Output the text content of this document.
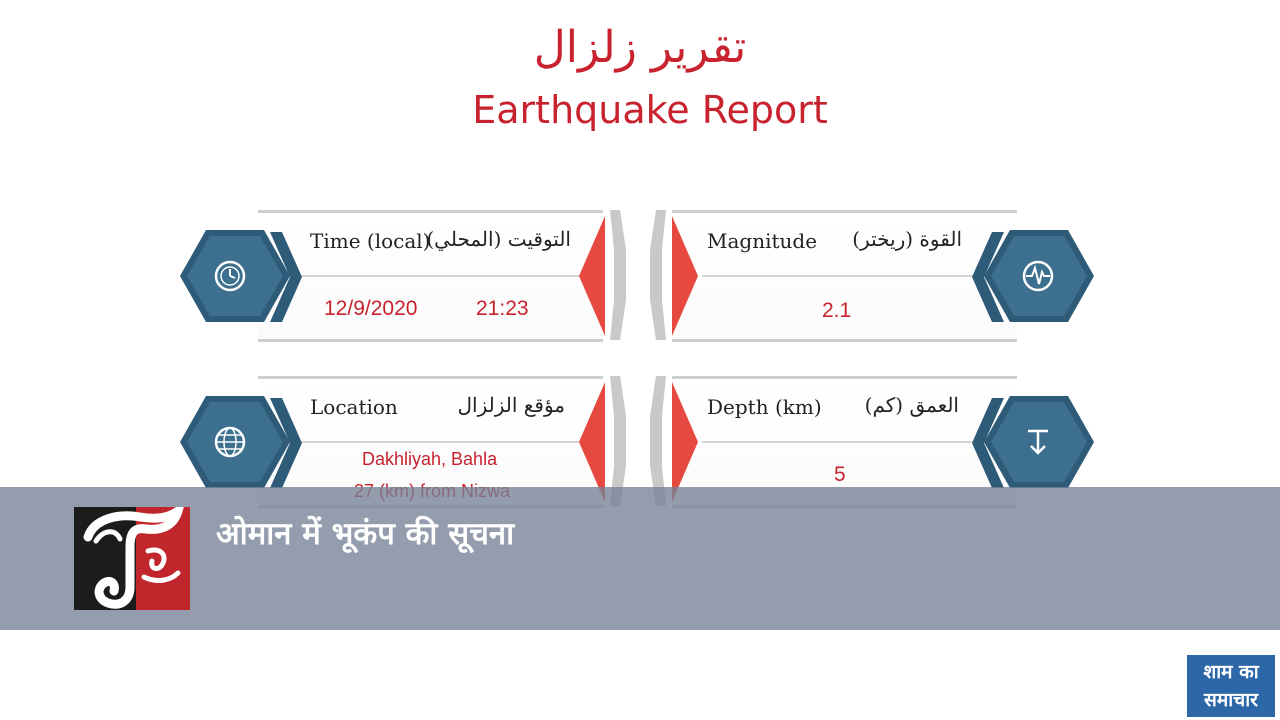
تقرير زلزال
Earthquake Report
Time (local)
التوقيت (المحلي)
12/9/2020	21:23
Magnitude القوة (ريختر)
2.1
Location	مؤقع الزلزال
Dakhliyah, Bahla
Depth (km) العمق (كم)
5
ओमान में भूकंप की सूचना
शाम का
समाचार
